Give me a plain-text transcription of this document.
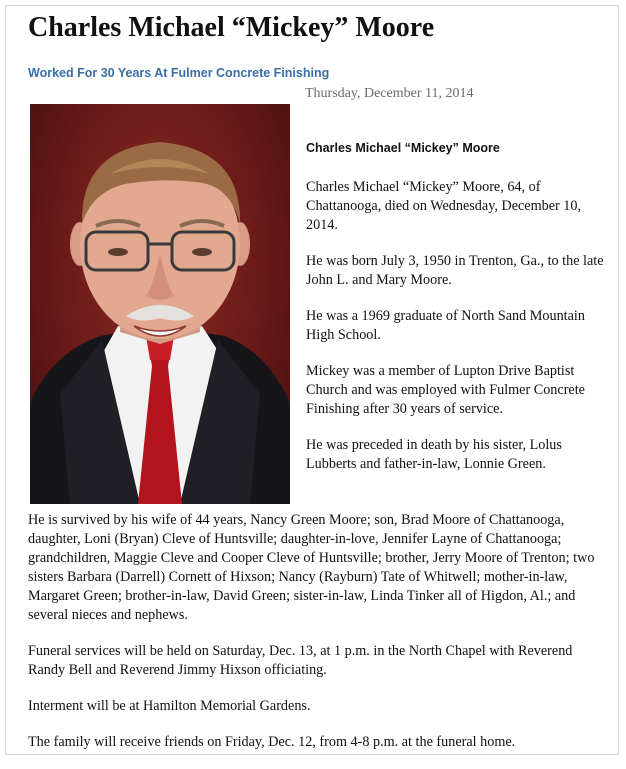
Charles Michael “Mickey” Moore
Worked For 30 Years At Fulmer Concrete Finishing
Thursday, December 11, 2014
Charles Michael “Mickey” Moore

Charles Michael “Mickey” Moore, 64, of Chattanooga, died on Wednesday, December 10, 2014.

He was born July 3, 1950 in Trenton, Ga., to the late John L. and Mary Moore.

He was a 1969 graduate of North Sand Mountain High School.

Mickey was a member of Lupton Drive Baptist Church and was employed with Fulmer Concrete Finishing after 30 years of service.

He was preceded in death by his sister, Lolus Lubberts and father-in-law, Lonnie Green.

He is survived by his wife of 44 years, Nancy Green Moore; son, Brad Moore of Chattanooga, daughter, Loni (Bryan) Cleve of Huntsville; daughter-in-love, Jennifer Layne of Chattanooga; grandchildren, Maggie Cleve and Cooper Cleve of Huntsville; brother, Jerry Moore of Trenton; two sisters Barbara (Darrell) Cornett of Hixson; Nancy (Rayburn) Tate of Whitwell; mother-in-law, Margaret Green; brother-in-law, David Green; sister-in-law, Linda Tinker all of Higdon, Al.; and several nieces and nephews.

Funeral services will be held on Saturday, Dec. 13, at 1 p.m. in the North Chapel with Reverend Randy Bell and Reverend Jimmy Hixson officiating.

Interment will be at Hamilton Memorial Gardens.

The family will receive friends on Friday, Dec. 12, from 4-8 p.m. at the funeral home.
